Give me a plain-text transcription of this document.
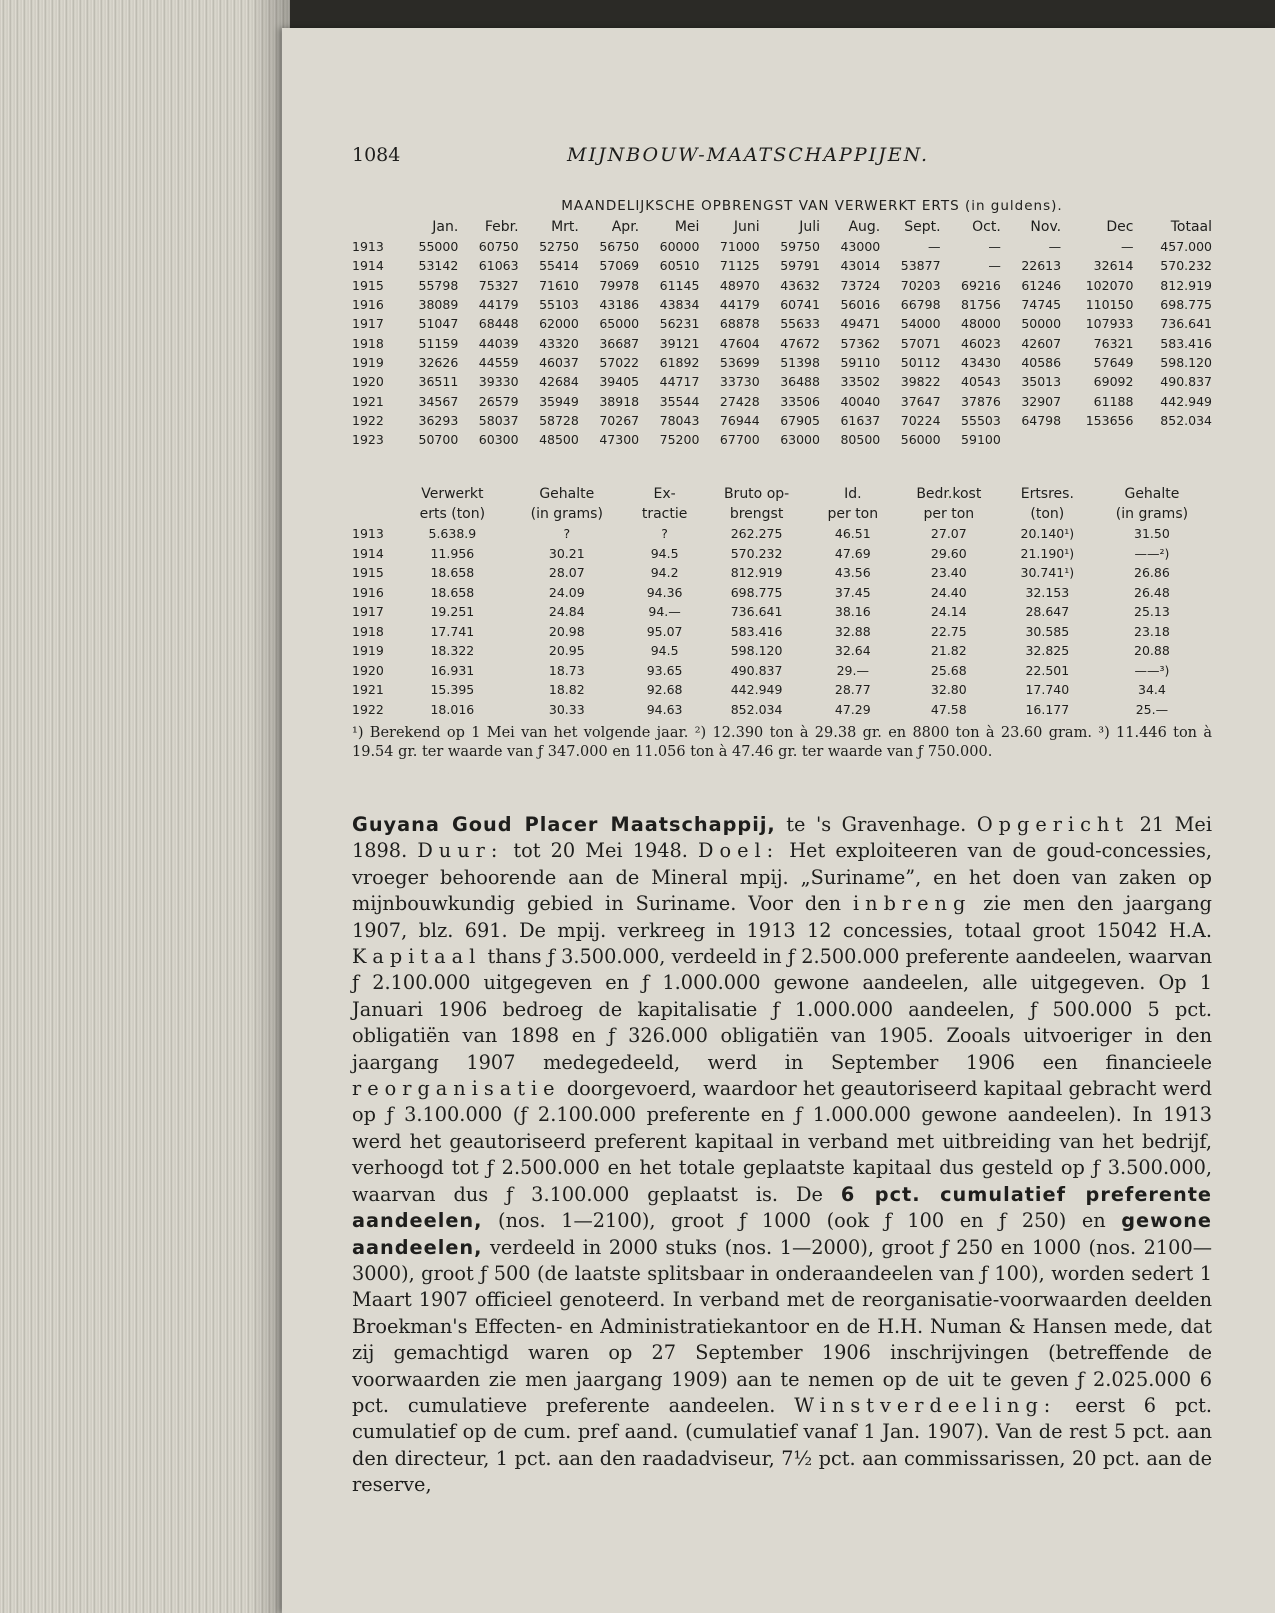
1084	MIJNBOUW-MAATSCHAPPIJEN.
MAANDELIJKSCHE OPBRENGST VAN VERWERKT ERTS (in guldens).
	Jan.	Febr.	Mrt.	Apr.	Mei	Juni	Juli	Aug.	Sept.	Oct.	Nov.	Dec	Totaal
1913	55000	60750	52750	56750	60000	71000	59750	43000	—	—	—	—	457.000
1914	53142	61063	55414	57069	60510	71125	59791	43014	53877	—	22613	32614	570.232
1915	55798	75327	71610	79978	61145	48970	43632	73724	70203	69216	61246	102070	812.919
1916	38089	44179	55103	43186	43834	44179	60741	56016	66798	81756	74745	110150	698.775
1917	51047	68448	62000	65000	56231	68878	55633	49471	54000	48000	50000	107933	736.641
1918	51159	44039	43320	36687	39121	47604	47672	57362	57071	46023	42607	76321	583.416
1919	32626	44559	46037	57022	61892	53699	51398	59110	50112	43430	40586	57649	598.120
1920	36511	39330	42684	39405	44717	33730	36488	33502	39822	40543	35013	69092	490.837
1921	34567	26579	35949	38918	35544	27428	33506	40040	37647	37876	32907	61188	442.949
1922	36293	58037	58728	70267	78043	76944	67905	61637	70224	55503	64798	153656	852.034
1923	50700	60300	48500	47300	75200	67700	63000	80500	56000	59100			
	Verwerkt	Gehalte	Ex-	Bruto op-	Id.	Bedr.kost	Ertsres.	Gehalte
	erts (ton)	(in grams)	tractie	brengst	per ton	per ton	(ton)	(in grams)
1913	5.638.9	?	?	262.275	46.51	27.07	20.140¹)	31.50
1914	11.956	30.21	94.5	570.232	47.69	29.60	21.190¹)	——²)
1915	18.658	28.07	94.2	812.919	43.56	23.40	30.741¹)	26.86
1916	18.658	24.09	94.36	698.775	37.45	24.40	32.153	26.48
1917	19.251	24.84	94.—	736.641	38.16	24.14	28.647	25.13
1918	17.741	20.98	95.07	583.416	32.88	22.75	30.585	23.18
1919	18.322	20.95	94.5	598.120	32.64	21.82	32.825	20.88
1920	16.931	18.73	93.65	490.837	29.—	25.68	22.501	——³)
1921	15.395	18.82	92.68	442.949	28.77	32.80	17.740	34.4
1922	18.016	30.33	94.63	852.034	47.29	47.58	16.177	25.—
¹) Berekend op 1 Mei van het volgende jaar. ²) 12.390 ton à 29.38 gr. en 8800 ton à 23.60 gram. ³) 11.446 ton à 19.54 gr. ter waarde van ƒ 347.000 en 11.056 ton à 47.46 gr. ter waarde van ƒ 750.000.

Guyana Goud Placer Maatschappij, te 's Gravenhage. Opgericht 21 Mei 1898. Duur: tot 20 Mei 1948. Doel: Het exploiteeren van de goud-concessies, vroeger behoorende aan de Mineral mpij. „Suriname”, en het doen van zaken op mijnbouwkundig gebied in Suriname. Voor den inbreng zie men den jaargang 1907, blz. 691. De mpij. verkreeg in 1913 12 concessies, totaal groot 15042 H.A. Kapitaal thans ƒ 3.500.000, verdeeld in ƒ 2.500.000 preferente aandeelen, waarvan ƒ 2.100.000 uitgegeven en ƒ 1.000.000 gewone aandeelen, alle uitgegeven. Op 1 Januari 1906 bedroeg de kapitalisatie ƒ 1.000.000 aandeelen, ƒ 500.000 5 pct. obligatiën van 1898 en ƒ 326.000 obligatiën van 1905. Zooals uitvoeriger in den jaargang 1907 medegedeeld, werd in September 1906 een financieele reorganisatie doorgevoerd, waardoor het geautoriseerd kapitaal gebracht werd op ƒ 3.100.000 (ƒ 2.100.000 preferente en ƒ 1.000.000 gewone aandeelen). In 1913 werd het geautoriseerd preferent kapitaal in verband met uitbreiding van het bedrijf, verhoogd tot ƒ 2.500.000 en het totale geplaatste kapitaal dus gesteld op ƒ 3.500.000, waarvan dus ƒ 3.100.000 geplaatst is. De 6 pct. cumulatief preferente aandeelen, (nos. 1—2100), groot ƒ 1000 (ook ƒ 100 en ƒ 250) en gewone aandeelen, verdeeld in 2000 stuks (nos. 1—2000), groot ƒ 250 en 1000 (nos. 2100—3000), groot ƒ 500 (de laatste splitsbaar in onderaandeelen van ƒ 100), worden sedert 1 Maart 1907 officieel genoteerd. In verband met de reorganisatie-voorwaarden deelden Broekman's Effecten- en Administratiekantoor en de H.H. Numan & Hansen mede, dat zij gemachtigd waren op 27 September 1906 inschrijvingen (betreffende de voorwaarden zie men jaargang 1909) aan te nemen op de uit te geven ƒ 2.025.000 6 pct. cumulatieve preferente aandeelen. Winstverdeeling: eerst 6 pct. cumulatief op de cum. pref aand. (cumulatief vanaf 1 Jan. 1907). Van de rest 5 pct. aan den directeur, 1 pct. aan den raadadviseur, 7½ pct. aan commissarissen, 20 pct. aan de reserve,
